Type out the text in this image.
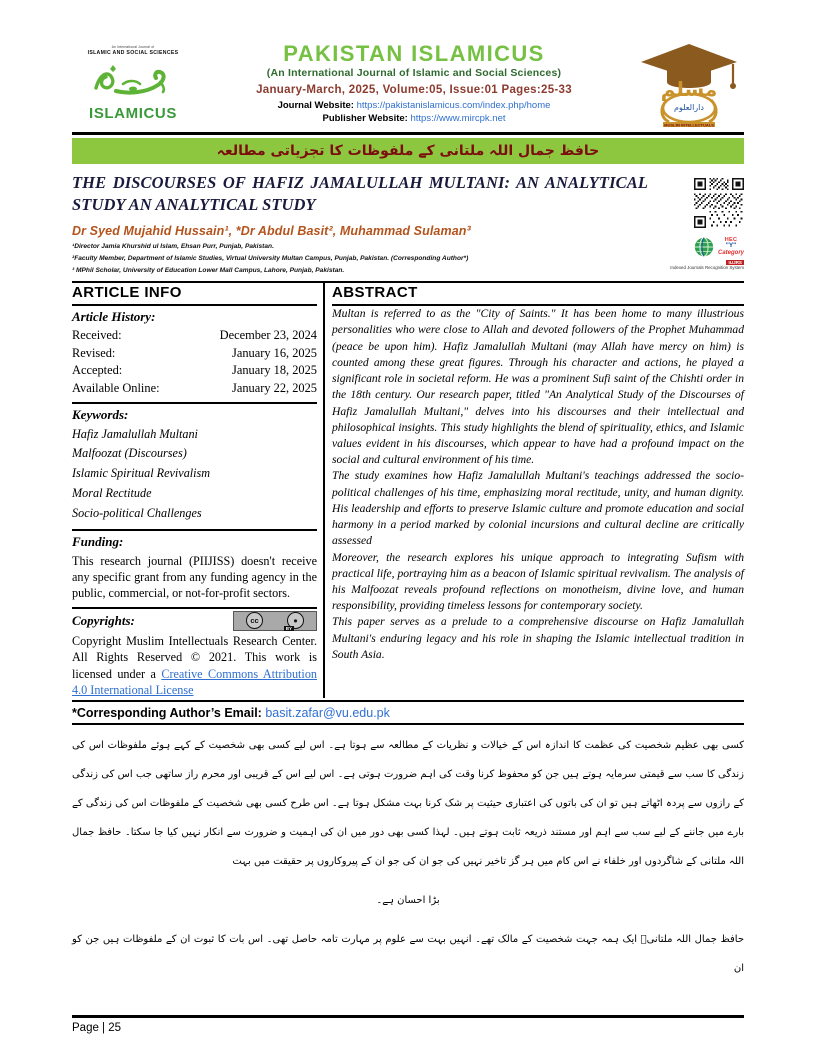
An International Journal of
ISLAMIC AND SOCIAL SCIENCES
ISLAMICUS
PAKISTAN ISLAMICUS
(An International Journal of Islamic and Social Sciences)
January-March, 2025, Volume:05, Issue:01 Pages:25-33
Journal Website: https://pakistanislamicus.com/index.php/home
Publisher Website: https://www.mircpk.net
مسلم
دارالعلوم
MUSLIM INTELLECTUALS
حافظ جمال اللہ ملتانی کے ملفوظات کا تجزیاتی مطالعہ
HEC
"Y"
Category
IUJRS
Indexed Journals Recognition System
THE DISCOURSES OF HAFIZ JAMALULLAH MULTANI: AN ANALYTICAL STUDY AN ANALYTICAL STUDY
Dr Syed Mujahid Hussain¹, *Dr Abdul Basit², Muhammad Sulaman³
¹Director Jamia Khurshid ul Islam, Ehsan Purr, Punjab, Pakistan.
²Faculty Member, Department of Islamic Studies, Virtual University Multan Campus, Punjab, Pakistan. (Corresponding Author*)
³ MPhil Scholar, University of Education Lower Mall Campus, Lahore, Punjab, Pakistan.
ARTICLE INFO
Article History:
Received:	December 23, 2024
Revised:	January 16, 2025
Accepted:	January 18, 2025
Available Online:	January 22, 2025
Keywords:
Hafiz Jamalullah Multani
Malfoozat (Discourses)
Islamic Spiritual Revivalism
Moral Rectitude
Socio-political Challenges
Funding:
This research journal (PIIJISS) doesn't receive any specific grant from any funding agency in the public, commercial, or not-for-profit sectors.
Copyrights:	cc	●
BY
Copyright Muslim Intellectuals Research Center. All Rights Reserved © 2021. This work is licensed under a Creative Commons Attribution 4.0 International License
ABSTRACT

Multan is referred to as the "City of Saints." It has been home to many illustrious personalities who were close to Allah and devoted followers of the Prophet Muhammad (peace be upon him). Hafiz Jamalullah Multani (may Allah have mercy on him) is counted among these great figures. Through his character and actions, he played a significant role in societal reform. He was a prominent Sufi saint of the Chishti order in the 18th century. Our research paper, titled "An Analytical Study of the Discourses of Hafiz Jamalullah Multani," delves into his discourses and their intellectual and philosophical insights. This study highlights the blend of spirituality, ethics, and Islamic values evident in his discourses, which appear to have had a profound impact on the social and cultural environment of his time.

The study examines how Hafiz Jamalullah Multani's teachings addressed the socio-political challenges of his time, emphasizing moral rectitude, unity, and human dignity. His leadership and efforts to preserve Islamic culture and promote education and social harmony in a period marked by colonial incursions and cultural decline are critically assessed

Moreover, the research explores his unique approach to integrating Sufism with practical life, portraying him as a beacon of Islamic spiritual revivalism. The analysis of his Malfoozat reveals profound reflections on monotheism, divine love, and human responsibility, providing timeless lessons for contemporary society.

This paper serves as a prelude to a comprehensive discourse on Hafiz Jamalullah Multani's enduring legacy and his role in shaping the Islamic intellectual tradition in South Asia.

*Corresponding Author’s Email: basit.zafar@vu.edu.pk

کسی بھی عظیم شخصیت کی عظمت کا اندازہ اس کے خیالات و نظریات کے مطالعہ سے ہوتا ہے۔ اس لیے کسی بھی شخصیت کے کہے ہوئے ملفوظات اس کی زندگی کا سب سے قیمتی سرمایہ ہوتے ہیں جن کو محفوظ کرنا وقت کی اہم ضرورت ہوتی ہے۔ اس لیے اس کے قریبی اور محرم راز ساتھی جب اس کی زندگی کے رازوں سے پردہ اٹھاتے ہیں تو ان کی باتوں کی اعتباری حیثیت پر شک کرنا بہت مشکل ہوتا ہے۔ اس طرح کسی بھی شخصیت کے ملفوظات اس کی زندگی کے بارے میں جاننے کے لیے سب سے اہم اور مستند ذریعہ ثابت ہوتے ہیں۔ لہذا کسی بھی دور میں ان کی اہمیت و ضرورت سے انکار نہیں کیا جا سکتا۔ حافظ جمال اللہ ملتانی کے شاگردوں اور خلفاء نے اس کام میں ہر گز تاخیر نہیں کی جو ان کی جو ان کے پیروکاروں پر حقیقت میں بہت

بڑا احسان ہے۔

حافظ جمال اللہ ملتانیؒ ایک ہمہ جہت شخصیت کے مالک تھے۔ انہیں بہت سے علوم پر مہارت تامہ حاصل تھی۔ اس بات کا ثبوت ان کے ملفوظات ہیں جن کو ان

Page | 25
